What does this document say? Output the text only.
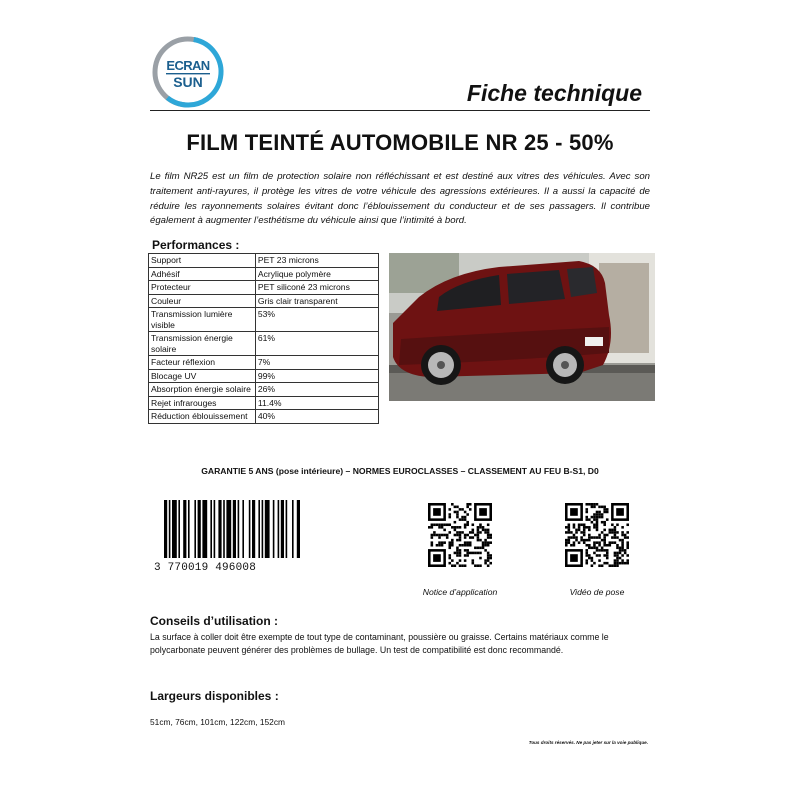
ECRAN
SUN	Fiche technique
FILM TEINTÉ AUTOMOBILE NR 25 - 50%
Le film NR25 est un film de protection solaire non réfléchissant et est destiné aux vitres des véhicules. Avec son traitement anti-rayures, il protège les vitres de votre véhicule des agressions extérieures. Il a aussi la capacité de réduire les rayonnements solaires évitant donc l’éblouissement du conducteur et de ses passagers. Il contribue également à augmenter l’esthétisme du véhicule ainsi que l’intimité à bord.
Performances :
Support	PET 23 microns
Adhésif	Acrylique polymère
Protecteur	PET siliconé 23 microns
Couleur	Gris clair transparent
Transmission lumière visible	53%
Transmission énergie solaire	61%
Facteur réflexion	7%
Blocage UV	99%
Absorption énergie solaire	26%
Rejet infrarouges	11.4%
Réduction éblouissement	40%
GARANTIE 5 ANS (pose intérieure) – NORMES EUROCLASSES – CLASSEMENT AU FEU B-S1, D0
3 770019 496008
Notice d’application	Vidéo de pose
Conseils d’utilisation :
La surface à coller doit être exempte de tout type de contaminant, poussière ou graisse. Certains matériaux comme le polycarbonate peuvent générer des problèmes de bullage. Un test de compatibilité est donc recommandé.
Largeurs disponibles :
51cm, 76cm, 101cm, 122cm, 152cm
Tous droits réservés. Ne pas jeter sur la voie publique.
